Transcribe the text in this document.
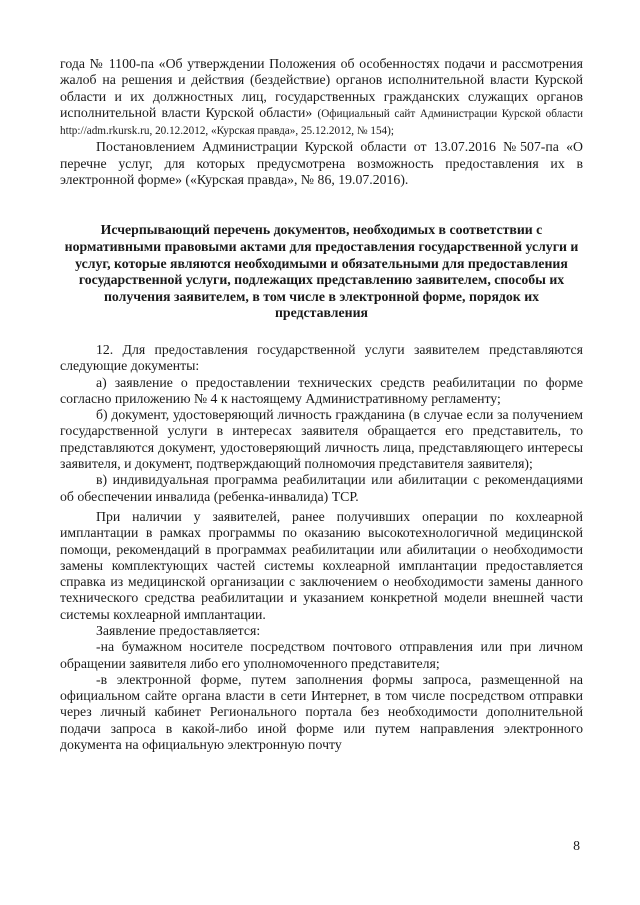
года № 1100-па «Об утверждении Положения об особенностях подачи и рассмотрения жалоб на решения и действия (бездействие) органов исполнительной власти Курской области и их должностных лиц, государственных гражданских служащих органов исполнительной власти Курской области» (Официальный сайт Администрации Курской области http://adm.rkursk.ru, 20.12.2012, «Курская правда», 25.12.2012, № 154);

Постановлением Администрации Курской области от 13.07.2016 №507-па «О перечне услуг, для которых предусмотрена возможность предоставления их в электронной форме» («Курская правда», № 86, 19.07.2016).

Исчерпывающий перечень документов, необходимых в соответствии с нормативными правовыми актами для предоставления государственной услуги и услуг, которые являются необходимыми и обязательными для предоставления государственной услуги, подлежащих представлению заявителем, способы их получения заявителем, в том числе в электронной форме, порядок их представления

12. Для предоставления государственной услуги заявителем представляются следующие документы:

а) заявление о предоставлении технических средств реабилитации по форме согласно приложению № 4 к настоящему Административному регламенту;

б) документ, удостоверяющий личность гражданина (в случае если за получением государственной услуги в интересах заявителя обращается его представитель, то представляются документ, удостоверяющий личность лица, представляющего интересы заявителя, и документ, подтверждающий полномочия представителя заявителя);

в) индивидуальная программа реабилитации или абилитации с рекомендациями об обеспечении инвалида (ребенка-инвалида) ТСР.

При наличии у заявителей, ранее получивших операции по кохлеарной имплантации в рамках программы по оказанию высокотехнологичной медицинской помощи, рекомендаций в программах реабилитации или абилитации о необходимости замены комплектующих частей системы кохлеарной имплантации предоставляется справка из медицинской организации с заключением о необходимости замены данного технического средства реабилитации и указанием конкретной модели внешней части системы кохлеарной имплантации.

Заявление предоставляется:

-на бумажном носителе посредством почтового отправления или при личном обращении заявителя либо его уполномоченного представителя;

-в электронной форме, путем заполнения формы запроса, размещенной на официальном сайте органа власти в сети Интернет, в том числе посредством отправки через личный кабинет Регионального портала без необходимости дополнительной подачи запроса в какой-либо иной форме или путем направления электронного документа на официальную электронную почту

8
